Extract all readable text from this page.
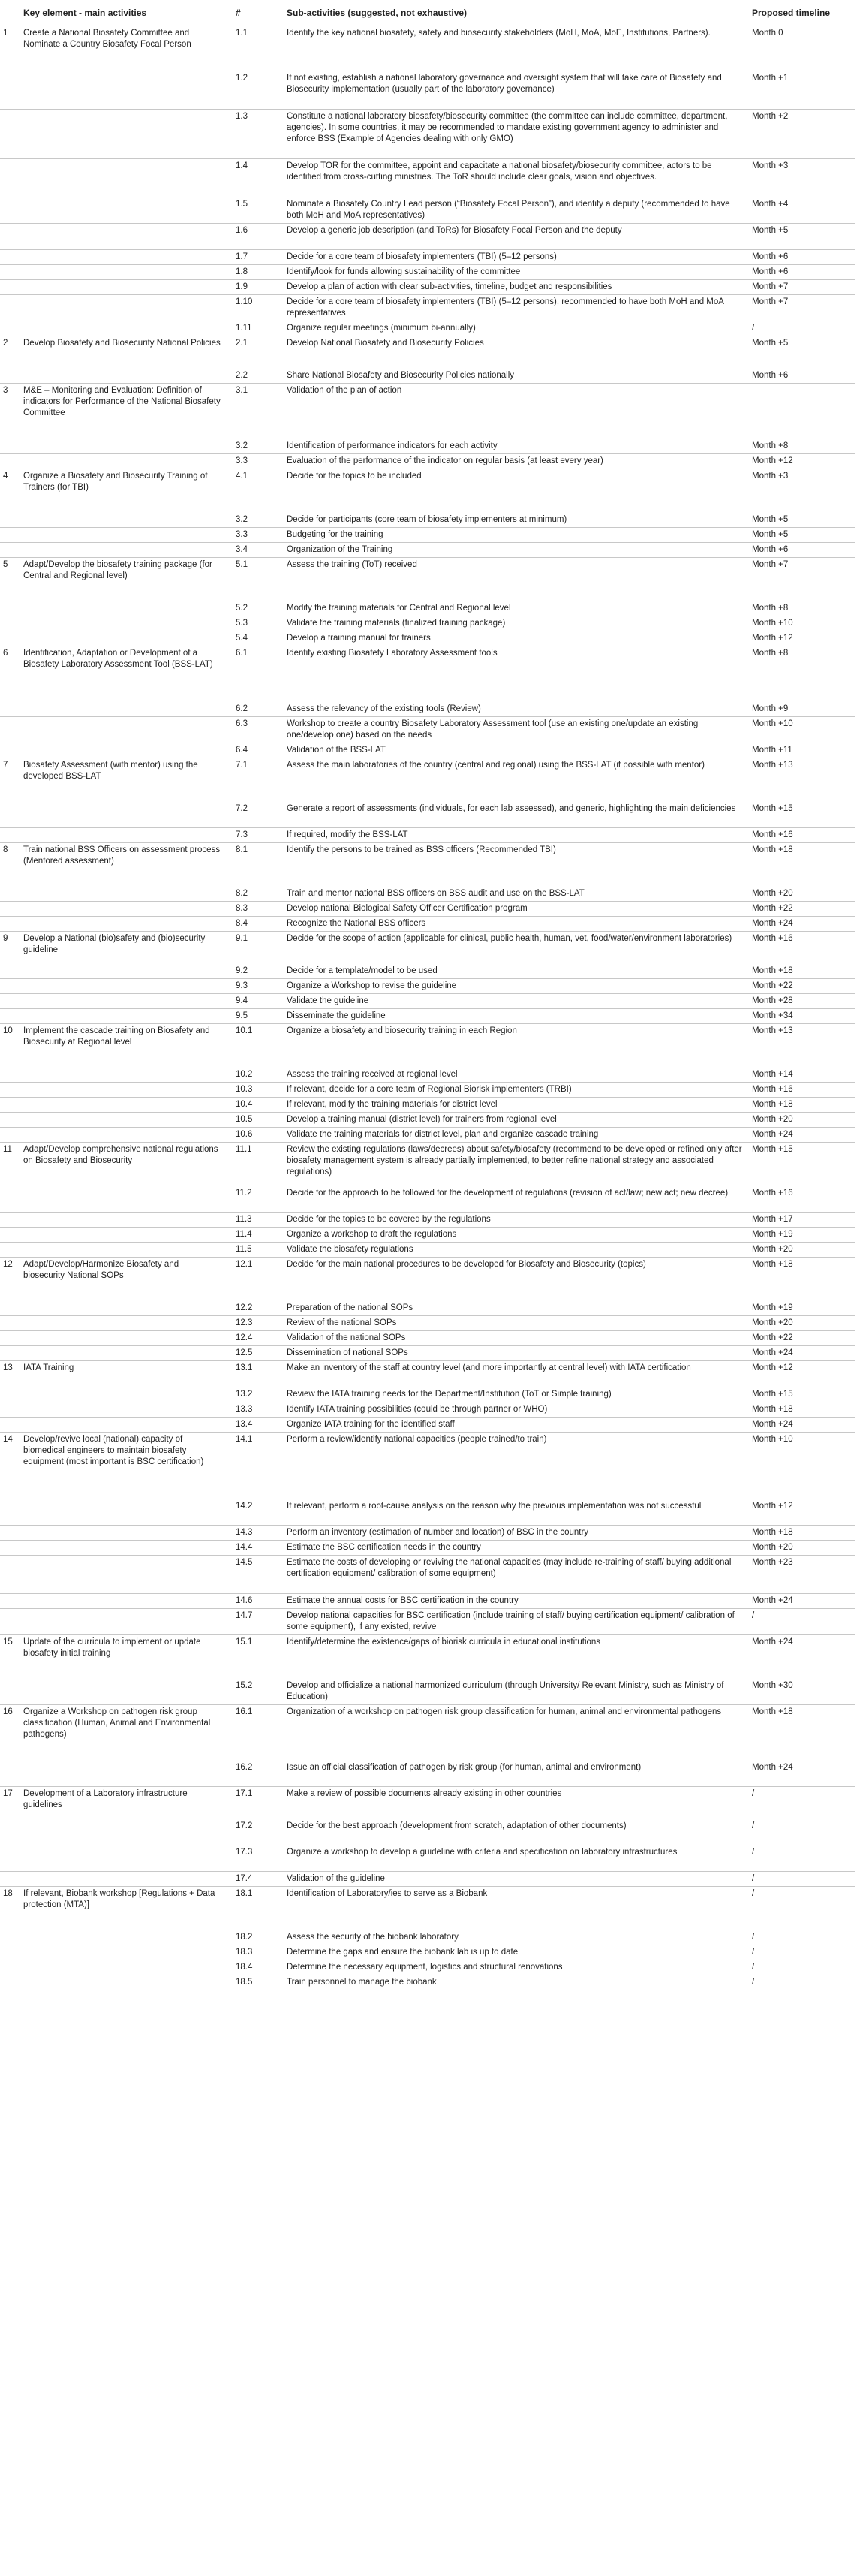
	Key element - main activities	#	Sub-activities (suggested, not exhaustive)	Proposed timeline
1	Create a National Biosafety Committee and Nominate a Country Biosafety Focal Person	1.1	Identify the key national biosafety, safety and biosecurity stakeholders (MoH, MoA, MoE, Institutions, Partners).	Month 0
		1.2	If not existing, establish a national laboratory governance and oversight system that will take care of Biosafety and Biosecurity implementation (usually part of the laboratory governance)	Month +1
		1.3	Constitute a national laboratory biosafety/biosecurity committee (the committee can include committee, department, agencies). In some countries, it may be recommended to mandate existing government agency to administer and enforce BSS (Example of Agencies dealing with only GMO)	Month +2
		1.4	Develop TOR for the committee, appoint and capacitate a national biosafety/biosecurity committee, actors to be identified from cross-cutting ministries. The ToR should include clear goals, vision and objectives.	Month +3
		1.5	Nominate a Biosafety Country Lead person (“Biosafety Focal Person”), and identify a deputy (recommended to have both MoH and MoA representatives)	Month +4
		1.6	Develop a generic job description (and ToRs) for Biosafety Focal Person and the deputy	Month +5
		1.7	Decide for a core team of biosafety implementers (TBI) (5–12 persons)	Month +6
		1.8	Identify/look for funds allowing sustainability of the committee	Month +6
		1.9	Develop a plan of action with clear sub-activities, timeline, budget and responsibilities	Month +7
		1.10	Decide for a core team of biosafety implementers (TBI) (5–12 persons), recommended to have both MoH and MoA representatives	Month +7
		1.11	Organize regular meetings (minimum bi-annually)	/
2	Develop Biosafety and Biosecurity National Policies	2.1	Develop National Biosafety and Biosecurity Policies	Month +5
		2.2	Share National Biosafety and Biosecurity Policies nationally	Month +6
3	M&E – Monitoring and Evaluation: Definition of indicators for Performance of the National Biosafety Committee	3.1	Validation of the plan of action	
		3.2	Identification of performance indicators for each activity	Month +8
		3.3	Evaluation of the performance of the indicator on regular basis (at least every year)	Month +12
4	Organize a Biosafety and Biosecurity Training of Trainers (for TBI)	4.1	Decide for the topics to be included	Month +3
		3.2	Decide for participants (core team of biosafety implementers at minimum)	Month +5
		3.3	Budgeting for the training	Month +5
		3.4	Organization of the Training	Month +6
5	Adapt/Develop the biosafety training package (for Central and Regional level)	5.1	Assess the training (ToT) received	Month +7
		5.2	Modify the training materials for Central and Regional level	Month +8
		5.3	Validate the training materials (finalized training package)	Month +10
		5.4	Develop a training manual for trainers	Month +12
6	Identification, Adaptation or Development of a Biosafety Laboratory Assessment Tool (BSS-LAT)	6.1	Identify existing Biosafety Laboratory Assessment tools	Month +8
		6.2	Assess the relevancy of the existing tools (Review)	Month +9
		6.3	Workshop to create a country Biosafety Laboratory Assessment tool (use an existing one/update an existing one/develop one) based on the needs	Month +10
		6.4	Validation of the BSS-LAT	Month +11
7	Biosafety Assessment (with mentor) using the developed BSS-LAT	7.1	Assess the main laboratories of the country (central and regional) using the BSS-LAT (if possible with mentor)	Month +13
		7.2	Generate a report of assessments (individuals, for each lab assessed), and generic, highlighting the main deficiencies	Month +15
		7.3	If required, modify the BSS-LAT	Month +16
8	Train national BSS Officers on assessment process (Mentored assessment)	8.1	Identify the persons to be trained as BSS officers (Recommended TBI)	Month +18
		8.2	Train and mentor national BSS officers on BSS audit and use on the BSS-LAT	Month +20
		8.3	Develop national Biological Safety Officer Certification program	Month +22
		8.4	Recognize the National BSS officers	Month +24
9	Develop a National (bio)safety and (bio)security guideline	9.1	Decide for the scope of action (applicable for clinical, public health, human, vet, food/water/environment laboratories)	Month +16
		9.2	Decide for a template/model to be used	Month +18
		9.3	Organize a Workshop to revise the guideline	Month +22
		9.4	Validate the guideline	Month +28
		9.5	Disseminate the guideline	Month +34
10	Implement the cascade training on Biosafety and Biosecurity at Regional level	10.1	Organize a biosafety and biosecurity training in each Region	Month +13
		10.2	Assess the training received at regional level	Month +14
		10.3	If relevant, decide for a core team of Regional Biorisk implementers (TRBI)	Month +16
		10.4	If relevant, modify the training materials for district level	Month +18
		10.5	Develop a training manual (district level) for trainers from regional level	Month +20
		10.6	Validate the training materials for district level, plan and organize cascade training	Month +24
11	Adapt/Develop comprehensive national regulations on Biosafety and Biosecurity	11.1	Review the existing regulations (laws/decrees) about safety/biosafety (recommend to be developed or refined only after biosafety management system is already partially implemented, to better refine national strategy and associated regulations)	Month +15
		11.2	Decide for the approach to be followed for the development of regulations (revision of act/law; new act; new decree)	Month +16
		11.3	Decide for the topics to be covered by the regulations	Month +17
		11.4	Organize a workshop to draft the regulations	Month +19
		11.5	Validate the biosafety regulations	Month +20
12	Adapt/Develop/Harmonize Biosafety and biosecurity National SOPs	12.1	Decide for the main national procedures to be developed for Biosafety and Biosecurity (topics)	Month +18
		12.2	Preparation of the national SOPs	Month +19
		12.3	Review of the national SOPs	Month +20
		12.4	Validation of the national SOPs	Month +22
		12.5	Dissemination of national SOPs	Month +24
13	IATA Training	13.1	Make an inventory of the staff at country level (and more importantly at central level) with IATA certification	Month +12
		13.2	Review the IATA training needs for the Department/Institution (ToT or Simple training)	Month +15
		13.3	Identify IATA training possibilities (could be through partner or WHO)	Month +18
		13.4	Organize IATA training for the identified staff	Month +24
14	Develop/revive local (national) capacity of biomedical engineers to maintain biosafety equipment (most important is BSC certification)	14.1	Perform a review/identify national capacities (people trained/to train)	Month +10
		14.2	If relevant, perform a root-cause analysis on the reason why the previous implementation was not successful	Month +12
		14.3	Perform an inventory (estimation of number and location) of BSC in the country	Month +18
		14.4	Estimate the BSC certification needs in the country	Month +20
		14.5	Estimate the costs of developing or reviving the national capacities (may include re-training of staff/ buying additional certification equipment/ calibration of some equipment)	Month +23
		14.6	Estimate the annual costs for BSC certification in the country	Month +24
		14.7	Develop national capacities for BSC certification (include training of staff/ buying certification equipment/ calibration of some equipment), if any existed, revive	/
15	Update of the curricula to implement or update biosafety initial training	15.1	Identify/determine the existence/gaps of biorisk curricula in educational institutions	Month +24
		15.2	Develop and officialize a national harmonized curriculum (through University/ Relevant Ministry, such as Ministry of Education)	Month +30
16	Organize a Workshop on pathogen risk group classification (Human, Animal and Environmental pathogens)	16.1	Organization of a workshop on pathogen risk group classification for human, animal and environmental pathogens	Month +18
		16.2	Issue an official classification of pathogen by risk group (for human, animal and environment)	Month +24
17	Development of a Laboratory infrastructure guidelines	17.1	Make a review of possible documents already existing in other countries	/
		17.2	Decide for the best approach (development from scratch, adaptation of other documents)	/
		17.3	Organize a workshop to develop a guideline with criteria and specification on laboratory infrastructures	/
		17.4	Validation of the guideline	/
18	If relevant, Biobank workshop [Regulations + Data protection (MTA)]	18.1	Identification of Laboratory/ies to serve as a Biobank	/
		18.2	Assess the security of the biobank laboratory	/
		18.3	Determine the gaps and ensure the biobank lab is up to date	/
		18.4	Determine the necessary equipment, logistics and structural renovations	/
		18.5	Train personnel to manage the biobank	/
